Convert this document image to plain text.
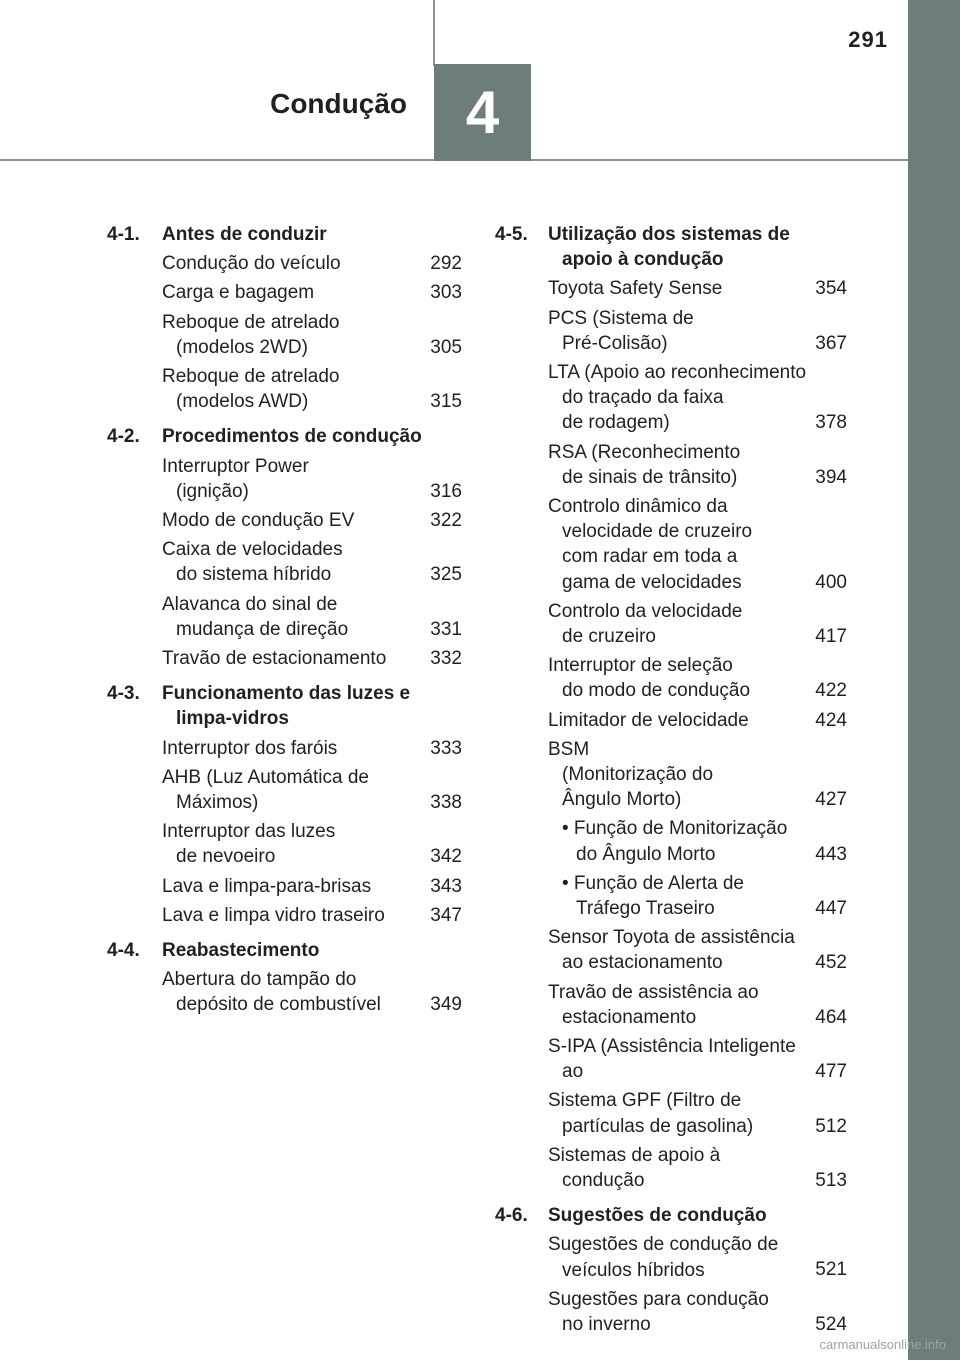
4
Condução
291
4-1. Antes de conduzir
Condução do veículo	292
Carga e bagagem	303
Reboque de atrelado
(modelos 2WD)	305
Reboque de atrelado
(modelos AWD)	315
4-2. Procedimentos de condução
Interruptor Power
(ignição)	316
Modo de condução EV	322
Caixa de velocidades
do sistema híbrido	325
Alavanca do sinal de
mudança de direção	331
Travão de estacionamento	332
4-3. Funcionamento das luzes e
limpa-vidros
Interruptor dos faróis	333
AHB (Luz Automática de
Máximos)	338
Interruptor das luzes
de nevoeiro	342
Lava e limpa-para-brisas	343
Lava e limpa vidro traseiro	347
4-4. Reabastecimento
Abertura do tampão do
depósito de combustível	349
4-5. Utilização dos sistemas de
apoio à condução
Toyota Safety Sense	354
PCS (Sistema de
Pré-Colisão)	367
LTA (Apoio ao reconhecimento
do traçado da faixa
de rodagem)	378
RSA (Reconhecimento
de sinais de trânsito)	394
Controlo dinâmico da
velocidade de cruzeiro
com radar em toda a
gama de velocidades	400
Controlo da velocidade
de cruzeiro	417
Interruptor de seleção
do modo de condução	422
Limitador de velocidade	424
BSM
(Monitorização do
Ângulo Morto)	427
• Função de Monitorização
do Ângulo Morto	443
• Função de Alerta de
Tráfego Traseiro	447
Sensor Toyota de assistência
ao estacionamento	452
Travão de assistência ao
estacionamento	464
S-IPA (Assistência Inteligente ao	477
Sistema GPF (Filtro de
partículas de gasolina)	512
Sistemas de apoio à
condução	513
4-6. Sugestões de condução
Sugestões de condução de
veículos híbridos	521
Sugestões para condução
no inverno	524
carmanualsonline.info
